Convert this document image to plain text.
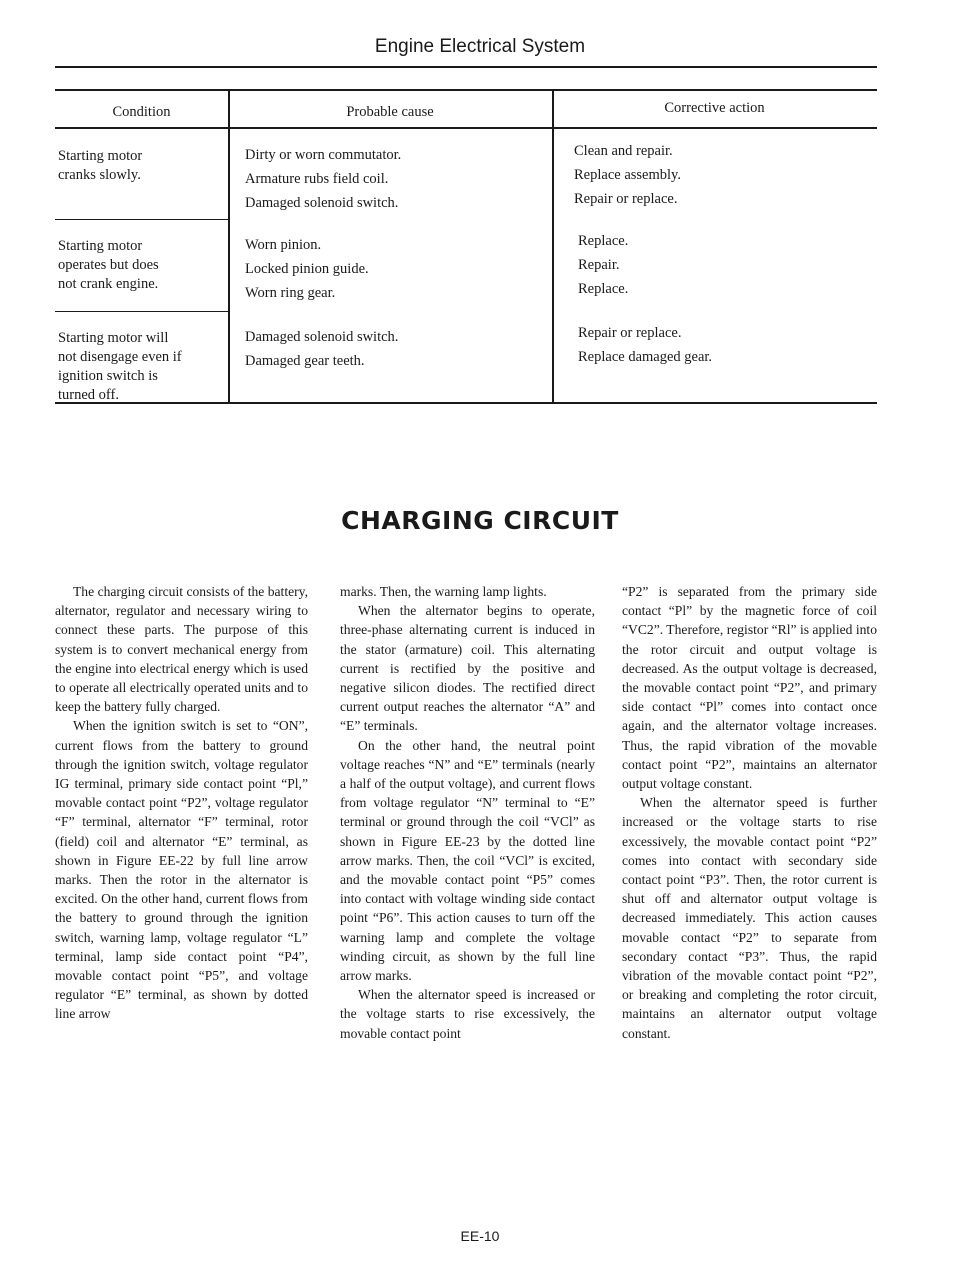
Engine Electrical System
Condition	Probable cause	Corrective action
Starting motor
cranks slowly.
Dirty or worn commutator.
Armature rubs field coil.
Damaged solenoid switch.
Clean and repair.
Replace assembly.
Repair or replace.
Starting motor
operates but does
not crank engine.
Worn pinion.
Locked pinion guide.
Worn ring gear.
Replace.
Repair.
Replace.
Starting motor will
not disengage even if
ignition switch is
turned off.
Damaged solenoid switch.
Damaged gear teeth.
Repair or replace.
Replace damaged gear.
CHARGING CIRCUIT

The charging circuit consists of the battery, alternator, regulator and necessary wiring to connect these parts. The purpose of this system is to convert mechanical energy from the engine into electrical energy which is used to operate all electrically operated units and to keep the battery fully charged.

When the ignition switch is set to “ON”, current flows from the battery to ground through the ignition switch, voltage regulator IG terminal, primary side contact point “Pl,” movable contact point “P2”, voltage regulator “F” terminal, alternator “F” terminal, rotor (field) coil and alternator “E” terminal, as shown in Figure EE-22 by full line arrow marks. Then the rotor in the alternator is excited. On the other hand, current flows from the battery to ground through the ignition switch, warning lamp, voltage regulator “L” terminal, lamp side contact point “P4”, movable contact point “P5”, and voltage regulator “E” terminal, as shown by dotted line arrow

marks. Then, the warning lamp lights.

When the alternator begins to operate, three-phase alternating current is induced in the stator (armature) coil. This alternating current is rectified by the positive and negative silicon diodes. The rectified direct current output reaches the alternator “A” and “E” terminals.

On the other hand, the neutral point voltage reaches “N” and “E” terminals (nearly a half of the output voltage), and current flows from voltage regulator “N” terminal to “E” terminal or ground through the coil “VCl” as shown in Figure EE-23 by the dotted line arrow marks. Then, the coil “VCl” is excited, and the movable contact point “P5” comes into contact with voltage winding side contact point “P6”. This action causes to turn off the warning lamp and complete the voltage winding circuit, as shown by the full line arrow marks.

When the alternator speed is increased or the voltage starts to rise excessively, the movable contact point

“P2” is separated from the primary side contact “Pl” by the magnetic force of coil “VC2”. Therefore, registor “Rl” is applied into the rotor circuit and output voltage is decreased. As the output voltage is decreased, the movable contact point “P2”, and primary side contact “Pl” comes into contact once again, and the alternator voltage increases. Thus, the rapid vibration of the movable contact point “P2”, maintains an alternator output voltage constant.

When the alternator speed is further increased or the voltage starts to rise excessively, the movable contact point “P2” comes into contact with secondary side contact point “P3”. Then, the rotor current is shut off and alternator output voltage is decreased immediately. This action causes movable contact “P2” to separate from secondary contact “P3”. Thus, the rapid vibration of the movable contact point “P2”, or breaking and completing the rotor circuit, maintains an alternator output voltage constant.

EE-10
